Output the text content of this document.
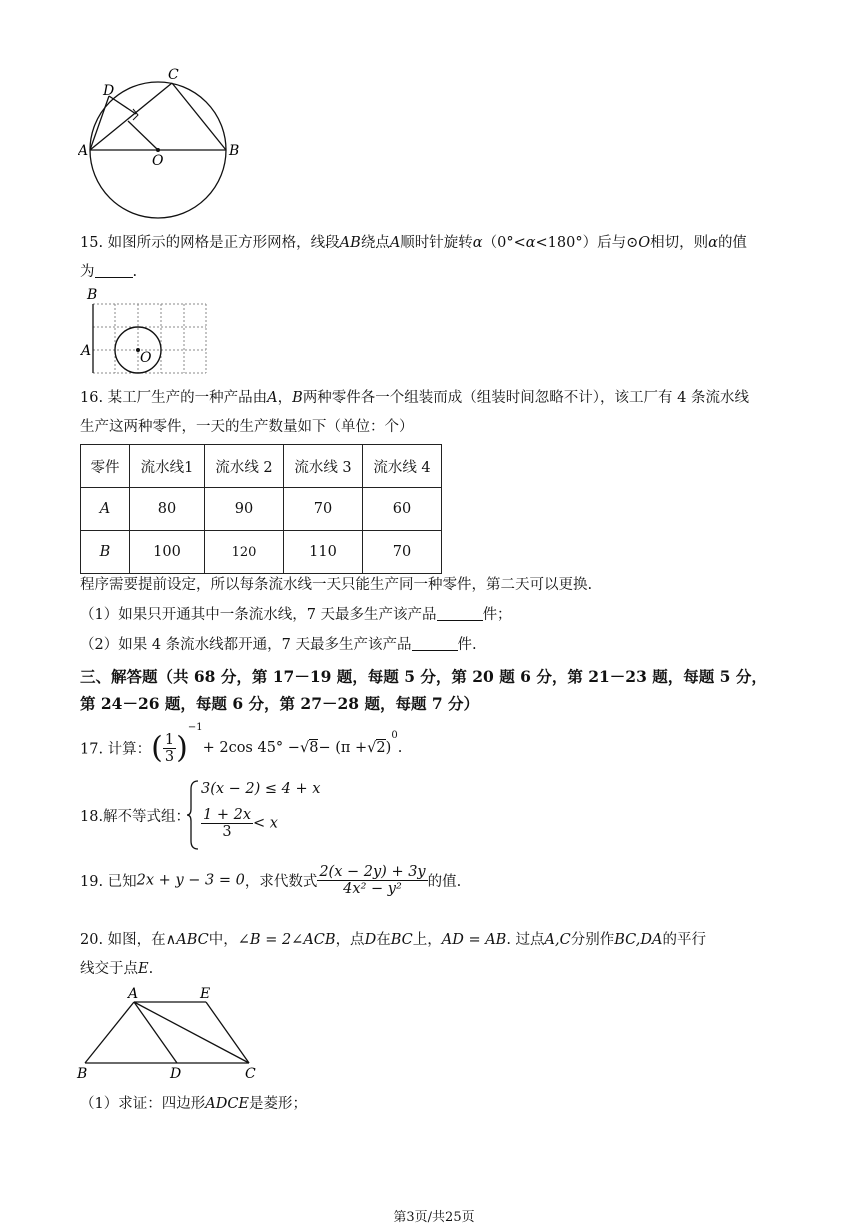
C
D
A
O
B
15. 如图所示的网格是正方形网格，线段AB绕点A顺时针旋转α（0°<α<180°）后与⊙O相切，则α的值
为	.
B
A	O
16. 某工厂生产的一种产品由A，B两种零件各一个组装而成（组装时间忽略不计），该工厂有 4 条流水线
生产这两种零件，一天的生产数量如下（单位：个）
零件	流水线1	流水线 2	流水线 3	流水线 4
A	80	90	70	60
B	100	120	110	70
程序需要提前设定，所以每条流水线一天只能生产同一种零件，第二天可以更换.
（1）如果只开通其中一条流水线，7 天最多生产该产品	件；
（2）如果 4 条流水线都开通，7 天最多生产该产品	件.
三、解答题（共 68 分，第 17－19 题，每题 5 分，第 20 题 6 分，第 21－23 题，每题 5 分，
第 24－26 题，每题 6 分，第 27－28 题，每题 7 分）
17. 计算：( $\frac{1}{3} )^{-1}+ 2\cos$ $45^\circ -√8- (\pi +√2)^0$.
18.解不等式组：
3(x − 2) ≤ 4 + x
$\frac{1 + 2x}{3} < x$
19. 已知2x + y − 3 = 0，求代数式 $\frac{2(x - 2y) + 3y}{\text{4x² − y²}}$ 的值.
20. 如图，在∧ABC中，∠B = 2∠ACB，点D在BC上，AD = AB. 过点A,C分别作BC,DA的平行
线交于点E.
A	E
B	D	C
（1）求证：四边形ADCE是菱形；
第3页/共25页
